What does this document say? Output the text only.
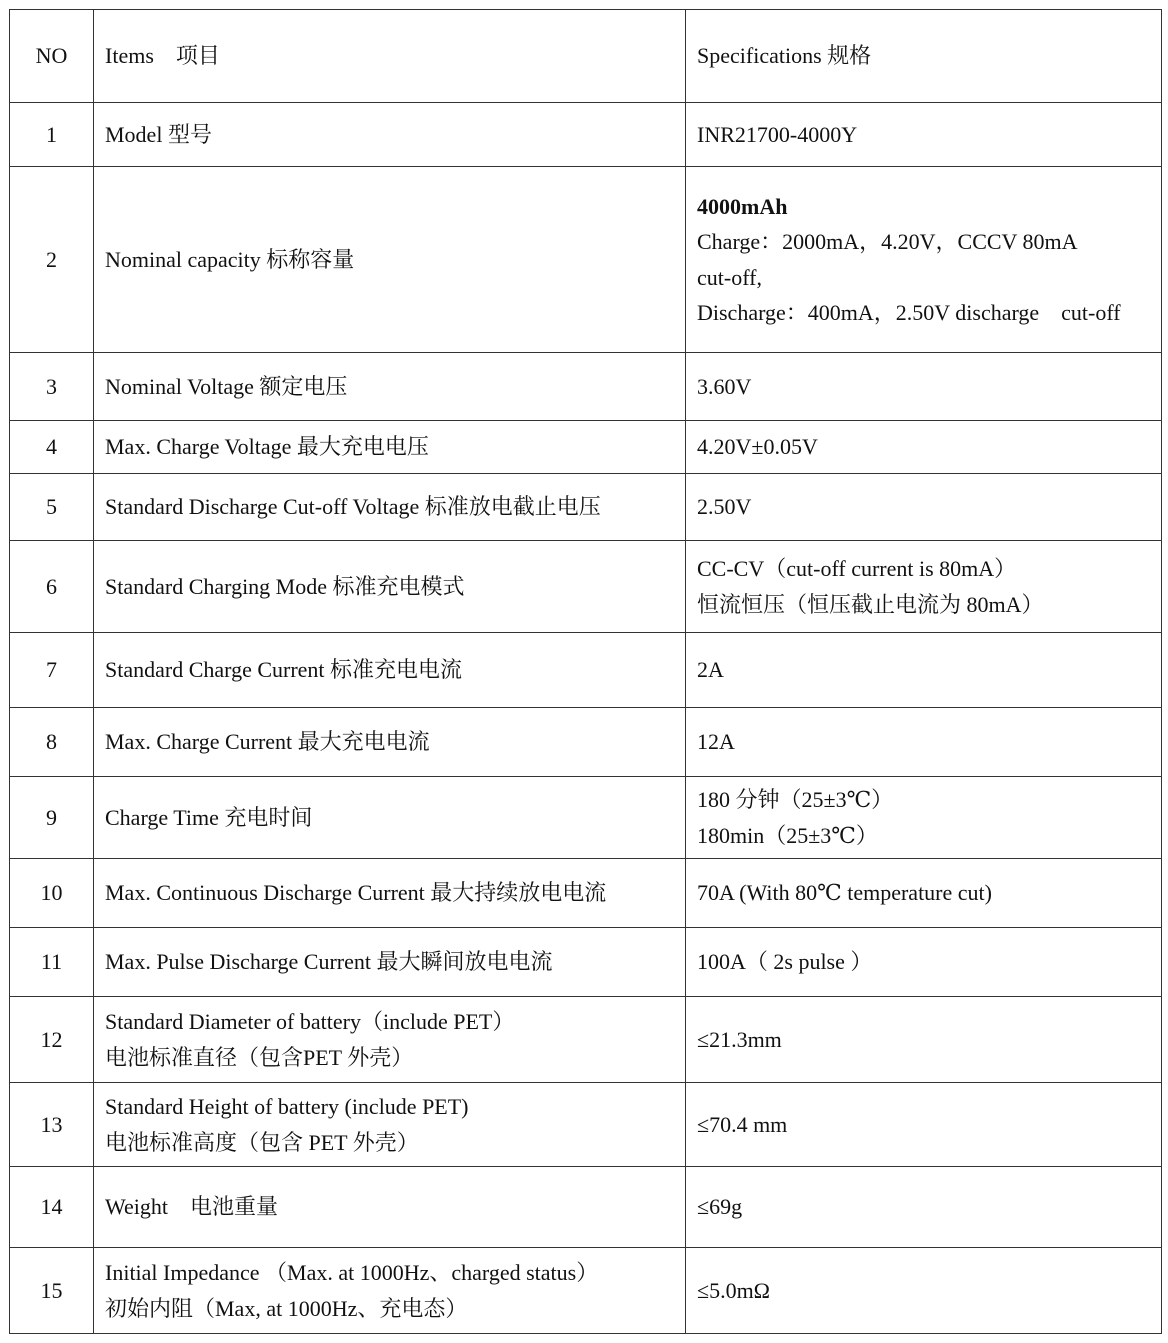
NO	Items　项目	Specifications 规格
1	Model 型号	INR21700-4000Y

2	Nominal capacity 标称容量	4000mAh
Charge：2000mA，4.20V，CCCV 80mA
cut-off,
Discharge：400mA，2.50V discharge　cut-off

3	Nominal Voltage 额定电压	3.60V

4	Max. Charge Voltage 最大充电电压	4.20V±0.05V

5	Standard Discharge Cut-off Voltage 标准放电截止电压	2.50V

6	Standard Charging Mode 标准充电模式	CC-CV（cut-off current is 80mA）
恒流恒压（恒压截止电流为 80mA）

7	Standard Charge Current 标准充电电流	2A

8	Max. Charge Current 最大充电电流	12A

9	Charge Time 充电时间	180 分钟（25±3℃）
180min（25±3℃）

10	Max. Continuous Discharge Current 最大持续放电电流	70A (With 80℃ temperature cut)

11	Max. Pulse Discharge Current 最大瞬间放电电流	100A（ 2s pulse ）

12	Standard Diameter of battery（include PET）
电池标准直径（包含PET 外壳）	≤21.3mm

13	Standard Height of battery (include PET)
电池标准高度（包含 PET 外壳）	≤70.4 mm

14	Weight　电池重量	≤69g

15	Initial Impedance （Max. at 1000Hz、charged status）
初始内阻（Max, at 1000Hz、充电态）	≤5.0mΩ
